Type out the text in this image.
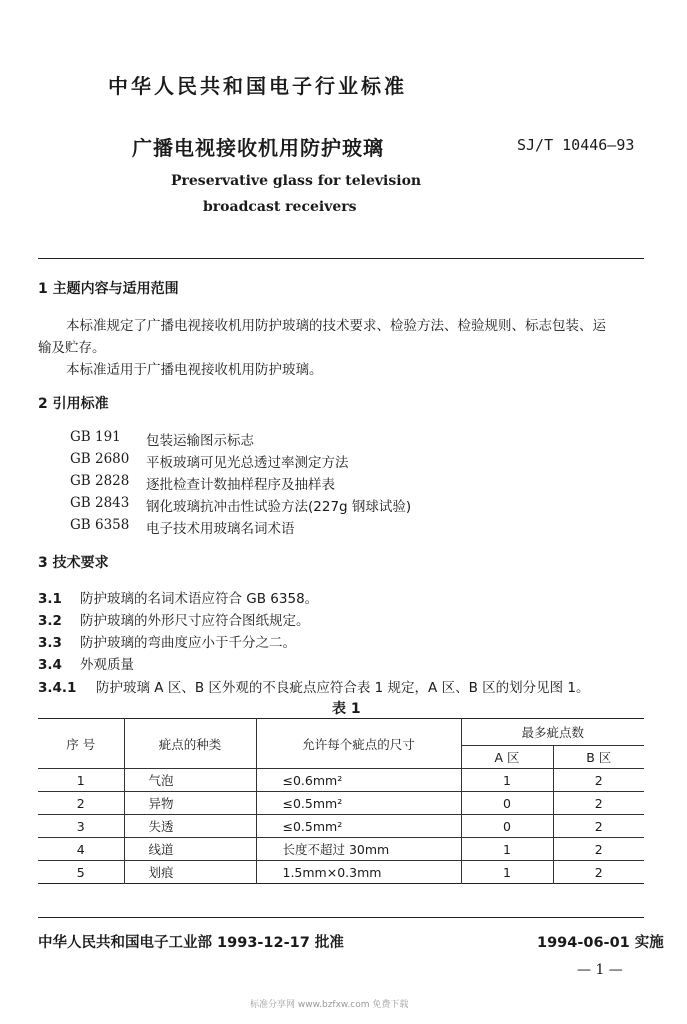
中华人民共和国电子行业标准
广播电视接收机用防护玻璃	SJ/T 10446—93
Preservative glass for television
broadcast receivers
1 主题内容与适用范围
本标准规定了广播电视接收机用防护玻璃的技术要求、检验方法、检验规则、标志包装、运
输及贮存。
本标准适用于广播电视接收机用防护玻璃。
2 引用标准
GB 191 包装运输图示标志
GB 2680 平板玻璃可见光总透过率测定方法
GB 2828 逐批检查计数抽样程序及抽样表
GB 2843 钢化玻璃抗冲击性试验方法(227g 钢球试验)
GB 6358 电子技术用玻璃名词术语
3 技术要求
3.1 防护玻璃的名词术语应符合 GB 6358。
3.2 防护玻璃的外形尺寸应符合图纸规定。
3.3 防护玻璃的弯曲度应小于千分之二。
3.4 外观质量
3.4.1 防护玻璃 A 区、B 区外观的不良疵点应符合表 1 规定，A 区、B 区的划分见图 1。
表 1
序 号	疵点的种类	允许每个疵点的尺寸	最多疵点数	
			A 区	B 区
1	气泡	≤0.6mm²	1	2
2	异物	≤0.5mm²	0	2
3	失透	≤0.5mm²	0	2
4	线道	长度不超过 30mm	1	2
5	划痕	1.5mm×0.3mm	1	2
中华人民共和国电子工业部 1993-12-17 批准	1994-06-01 实施
— 1 —
标准分享网 www.bzfxw.com 免费下载
